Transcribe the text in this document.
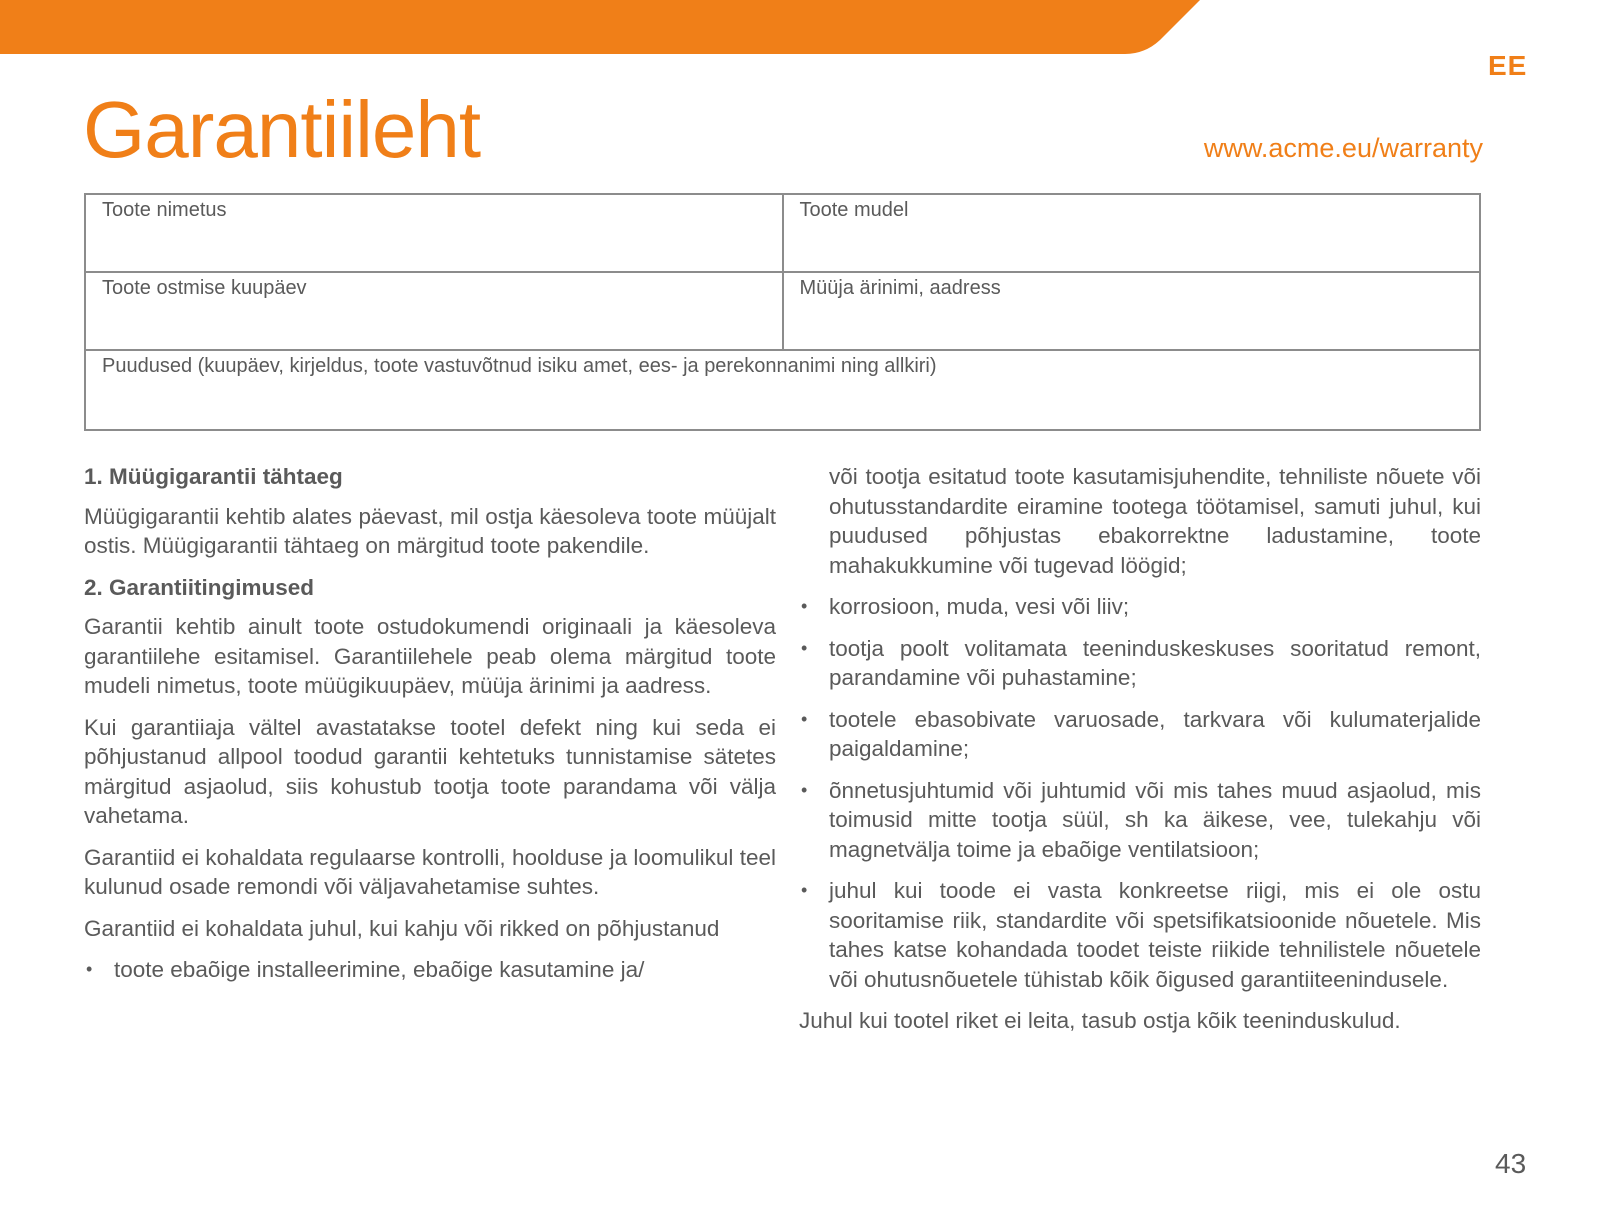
EE
Garantiileht	www.acme.eu/warranty
Toote nimetus	Toote mudel
Toote ostmise kuupäev	Müüja ärinimi, aadress
Puudused (kuupäev, kirjeldus, toote vastuvõtnud isiku amet, ees- ja perekonnanimi ning allkiri)
1. Müügigarantii tähtaeg

Müügigarantii kehtib alates päevast, mil ostja käesoleva toote müüjalt ostis. Müügigarantii tähtaeg on märgitud toote pakendile.

2. Garantiitingimused

Garantii kehtib ainult toote ostudokumendi originaali ja käesoleva garantiilehe esitamisel. Garantiilehele peab olema märgitud toote mudeli nimetus, toote müügikuupäev, müüja ärinimi ja aadress.

Kui garantiiaja vältel avastatakse tootel defekt ning kui seda ei põhjustanud allpool toodud garantii kehtetuks tunnistamise sätetes märgitud asjaolud, siis kohustub tootja toote parandama või välja vahetama.

Garantiid ei kohaldata regulaarse kontrolli, hoolduse ja loomulikul teel kulunud osade remondi või väljavahetamise suhtes.

Garantiid ei kohaldata juhul, kui kahju või rikked on põhjustanud

• toote ebaõige installeerimine, ebaõige kasutamine ja/
või tootja esitatud toote kasutamisjuhendite, tehniliste nõuete või ohutusstandardite eiramine tootega töötamisel, samuti juhul, kui puudused põhjustas ebakorrektne ladustamine, toote mahakukkumine või tugevad löögid;
• korrosioon, muda, vesi või liiv;
• tootja poolt volitamata teeninduskeskuses sooritatud remont, parandamine või puhastamine;
• tootele ebasobivate varuosade, tarkvara või kulumaterjalide paigaldamine;
• õnnetusjuhtumid või juhtumid või mis tahes muud asjaolud, mis toimusid mitte tootja süül, sh ka äikese, vee, tulekahju või magnetvälja toime ja ebaõige ventilatsioon;
• juhul kui toode ei vasta konkreetse riigi, mis ei ole ostu sooritamise riik, standardite või spetsifikatsioonide nõuetele. Mis tahes katse kohandada toodet teiste riikide tehnilistele nõuetele või ohutusnõuetele tühistab kõik õigused garantiiteenindusele.

Juhul kui tootel riket ei leita, tasub ostja kõik teeninduskulud.

43
